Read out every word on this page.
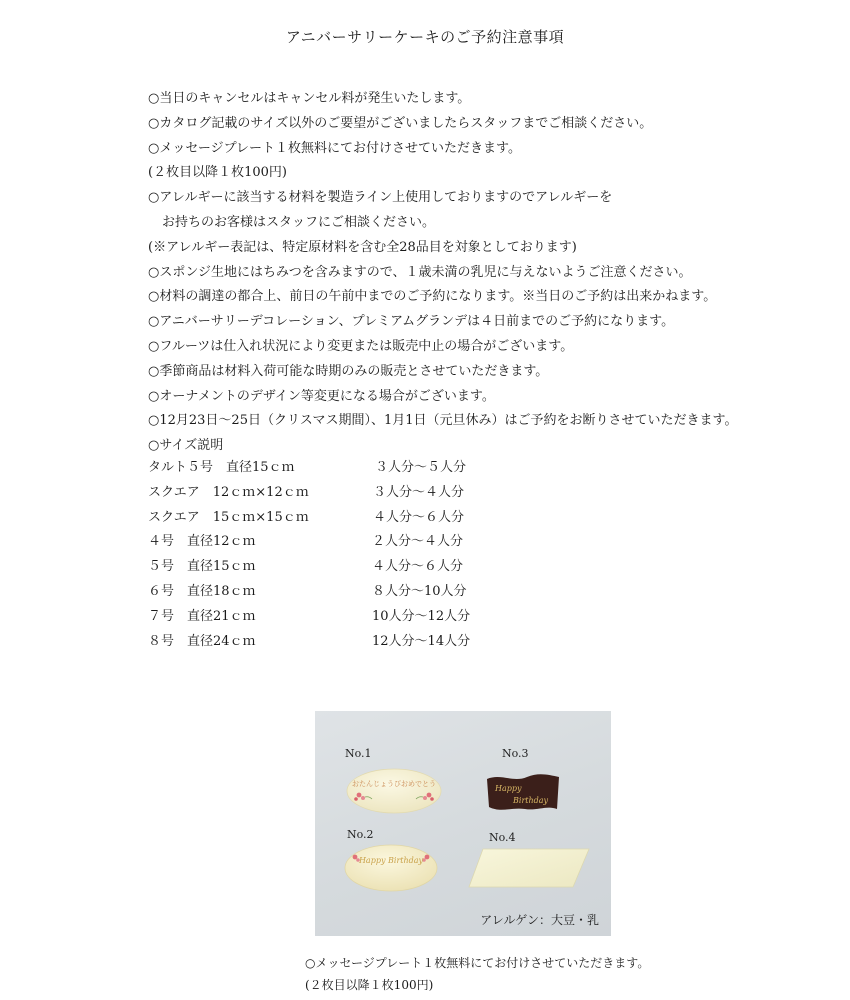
アニバーサリーケーキのご予約注意事項
○当日のキャンセルはキャンセル料が発生いたします。
○カタログ記載のサイズ以外のご要望がございましたらスタッフまでご相談ください。
○メッセージプレート１枚無料にてお付けさせていただきます。
(２枚目以降１枚100円)
○アレルギーに該当する材料を製造ライン上使用しておりますのでアレルギーを
お持ちのお客様はスタッフにご相談ください。
(※アレルギー表記は、特定原材料を含む全28品目を対象としております)
○スポンジ生地にはちみつを含みますので、１歳未満の乳児に与えないようご注意ください。
○材料の調達の都合上、前日の午前中までのご予約になります。※当日のご予約は出来かねます。
○アニバーサリーデコレーション、プレミアムグランデは４日前までのご予約になります。
○フルーツは仕入れ状況により変更または販売中止の場合がございます。
○季節商品は材料入荷可能な時期のみの販売とさせていただきます。
○オーナメントのデザイン等変更になる場合がございます。
○12月23日～25日（クリスマス期間）、1月1日（元旦休み）はご予約をお断りさせていただきます。
○サイズ説明
タルト５号　直径15ｃｍ	３人分～５人分
スクエア　12ｃｍ×12ｃｍ	３人分～４人分
スクエア　15ｃｍ×15ｃｍ	４人分～６人分
４号　直径12ｃｍ	２人分～４人分
５号　直径15ｃｍ	４人分～６人分
６号　直径18ｃｍ	８人分～10人分
７号　直径21ｃｍ	10人分～12人分
８号　直径24ｃｍ	12人分～14人分
No.1
おたんじょうびおめでとう
No.3
Happy
Birthday
No.2
Happy Birthday
No.4
アレルゲン：大豆・乳
○メッセージプレート１枚無料にてお付けさせていただきます。
(２枚目以降１枚100円)
